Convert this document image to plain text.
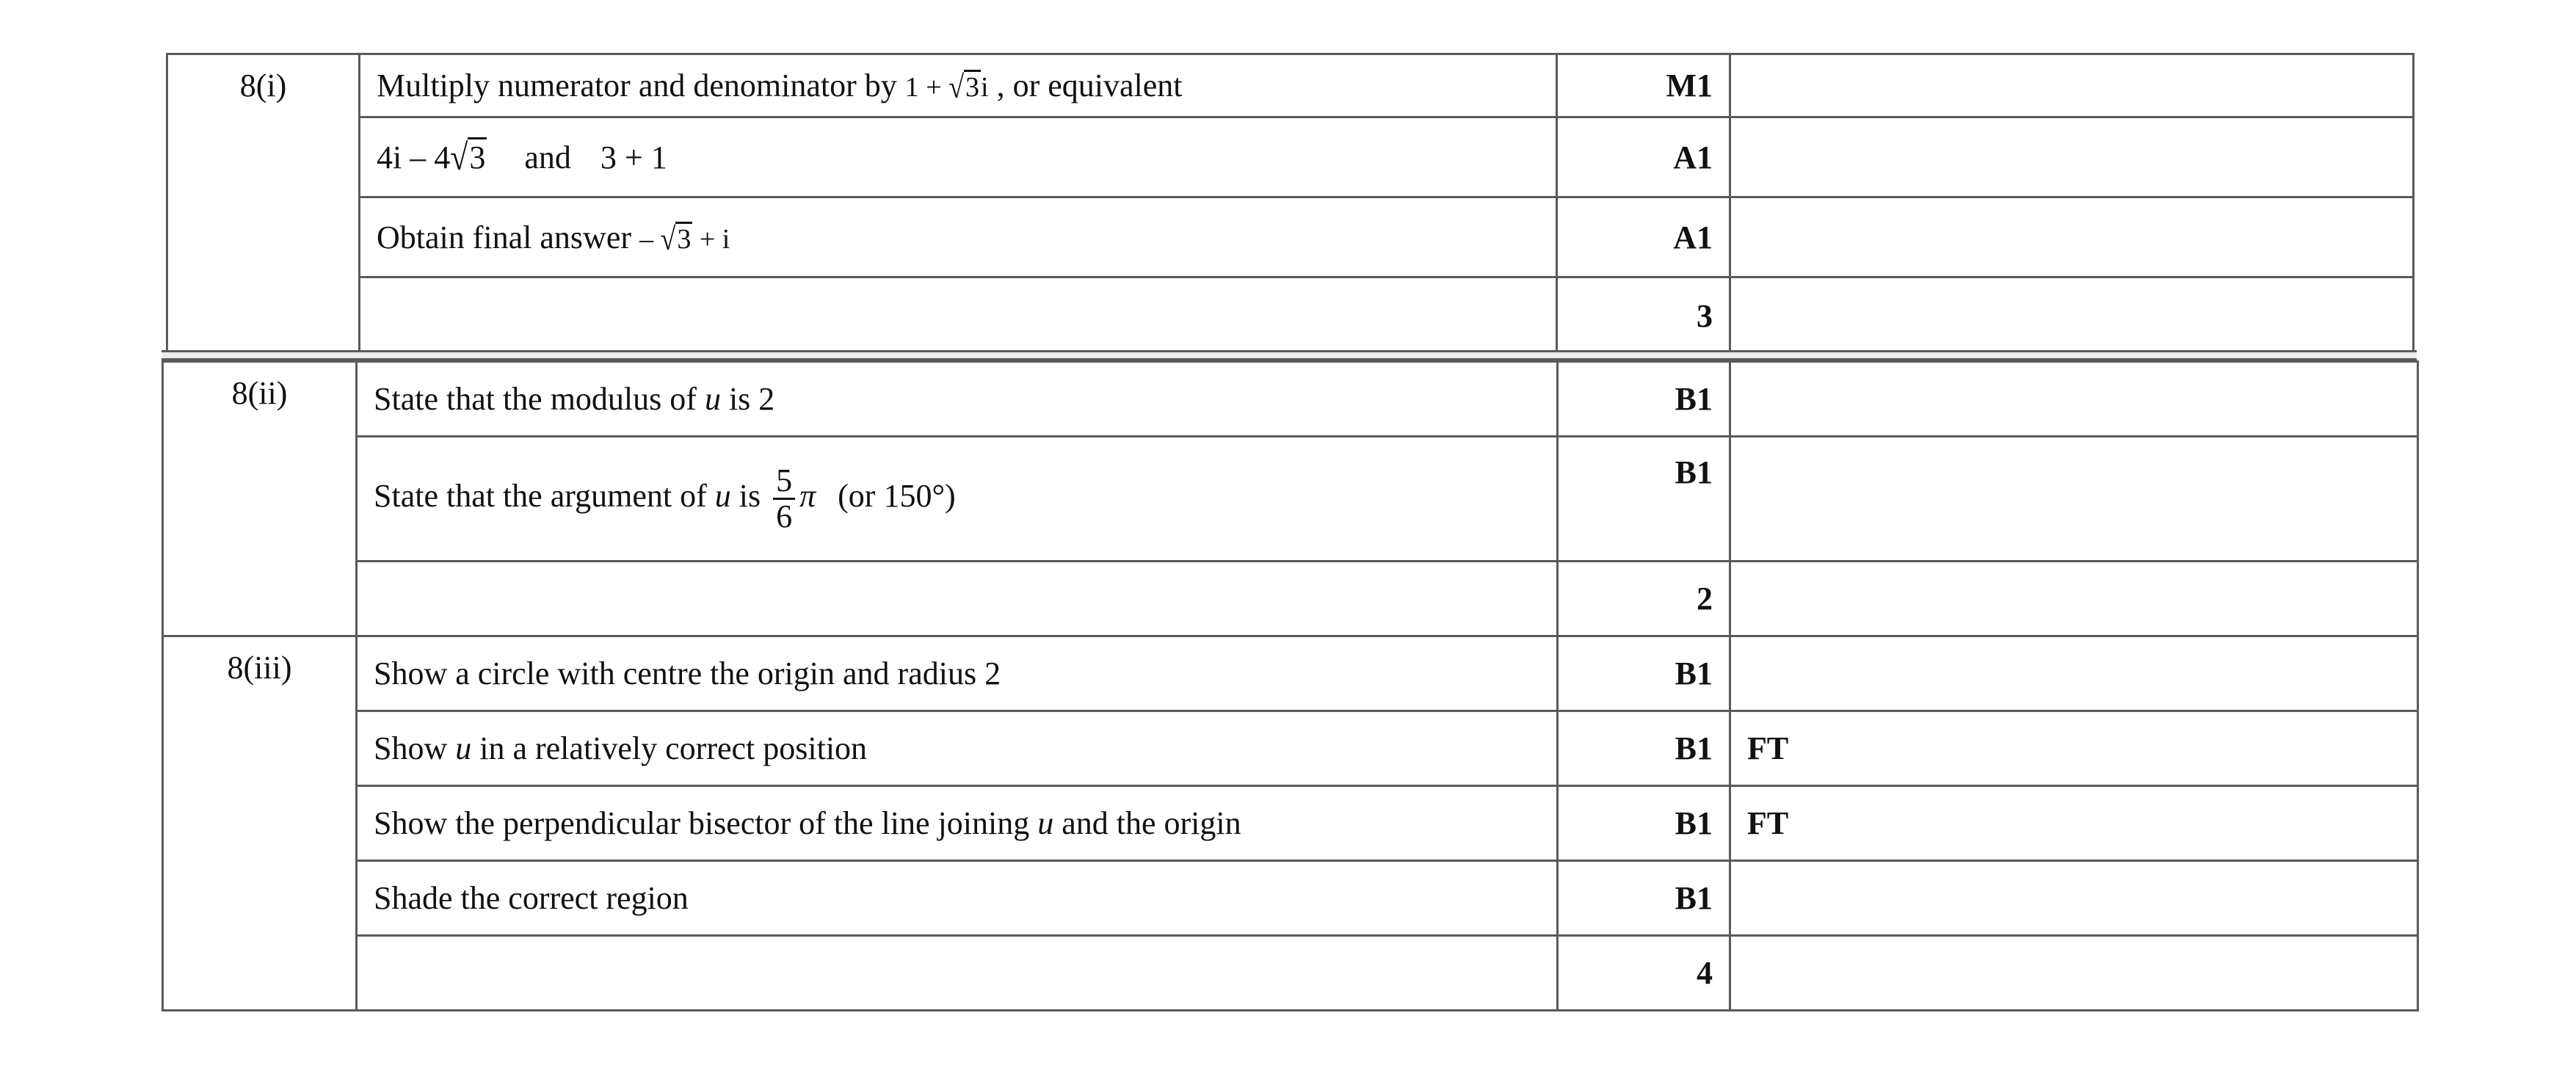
8(i)	Multiply numerator and denominator by 1 + √3i , or equivalent	M1	
	4i – 4√3 and 3 + 1	A1	
	Obtain final answer – √3 + i	A1	
		3	
8(ii)	State that the modulus of u is 2	B1	
	State that the argument of u is $\frac{5}{6}$ π (or 150°)	B1	
		2	
8(iii)	Show a circle with centre the origin and radius 2	B1	
	Show u in a relatively correct position	B1	FT
	Show the perpendicular bisector of the line joining u and the origin	B1	FT
	Shade the correct region	B1	
		4	
